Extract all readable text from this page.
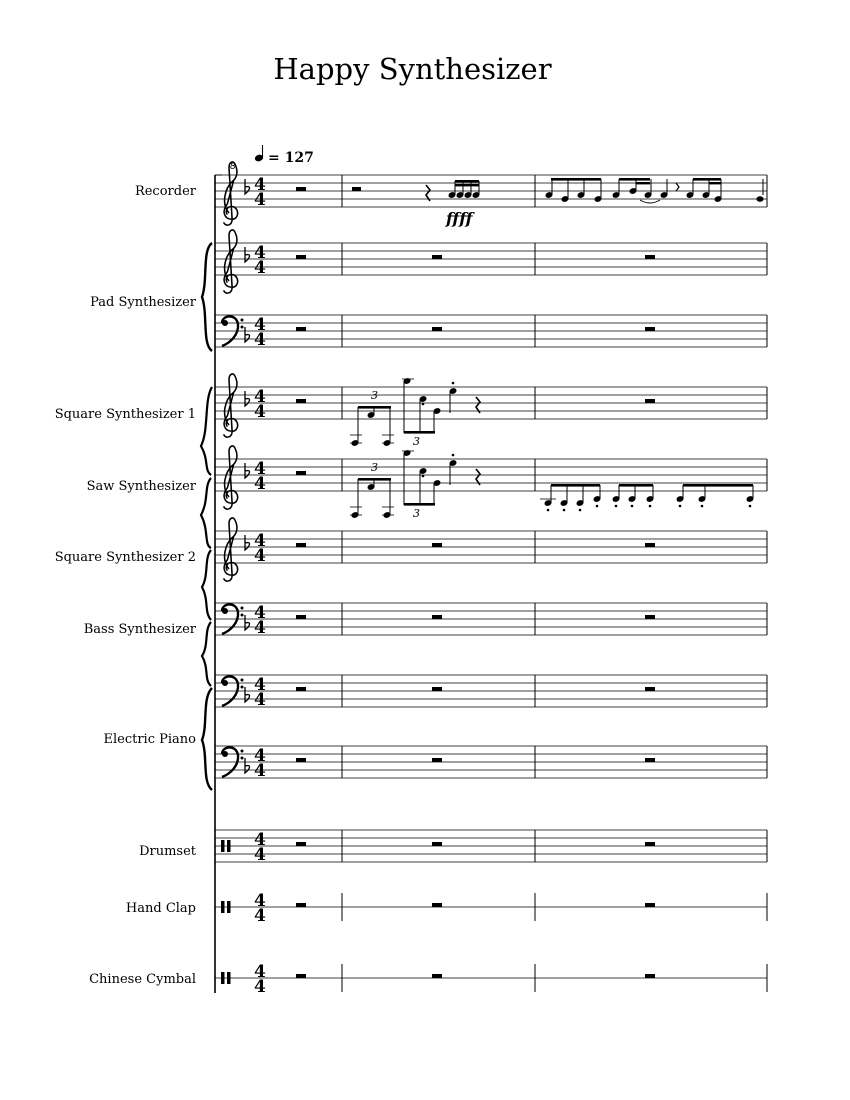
Happy Synthesizer
= 127
Recorder
Pad Synthesizer
Square Synthesizer 1
Saw Synthesizer
Square Synthesizer 2
Bass Synthesizer
Electric Piano
Drumset
Hand Clap
Chinese Cymbal
8
4
4
4
4
4
4
4
4
4
4
4
4
4
4
4
4
4
4
4
4
4
4
4
4
ffff
3
3
3
3
